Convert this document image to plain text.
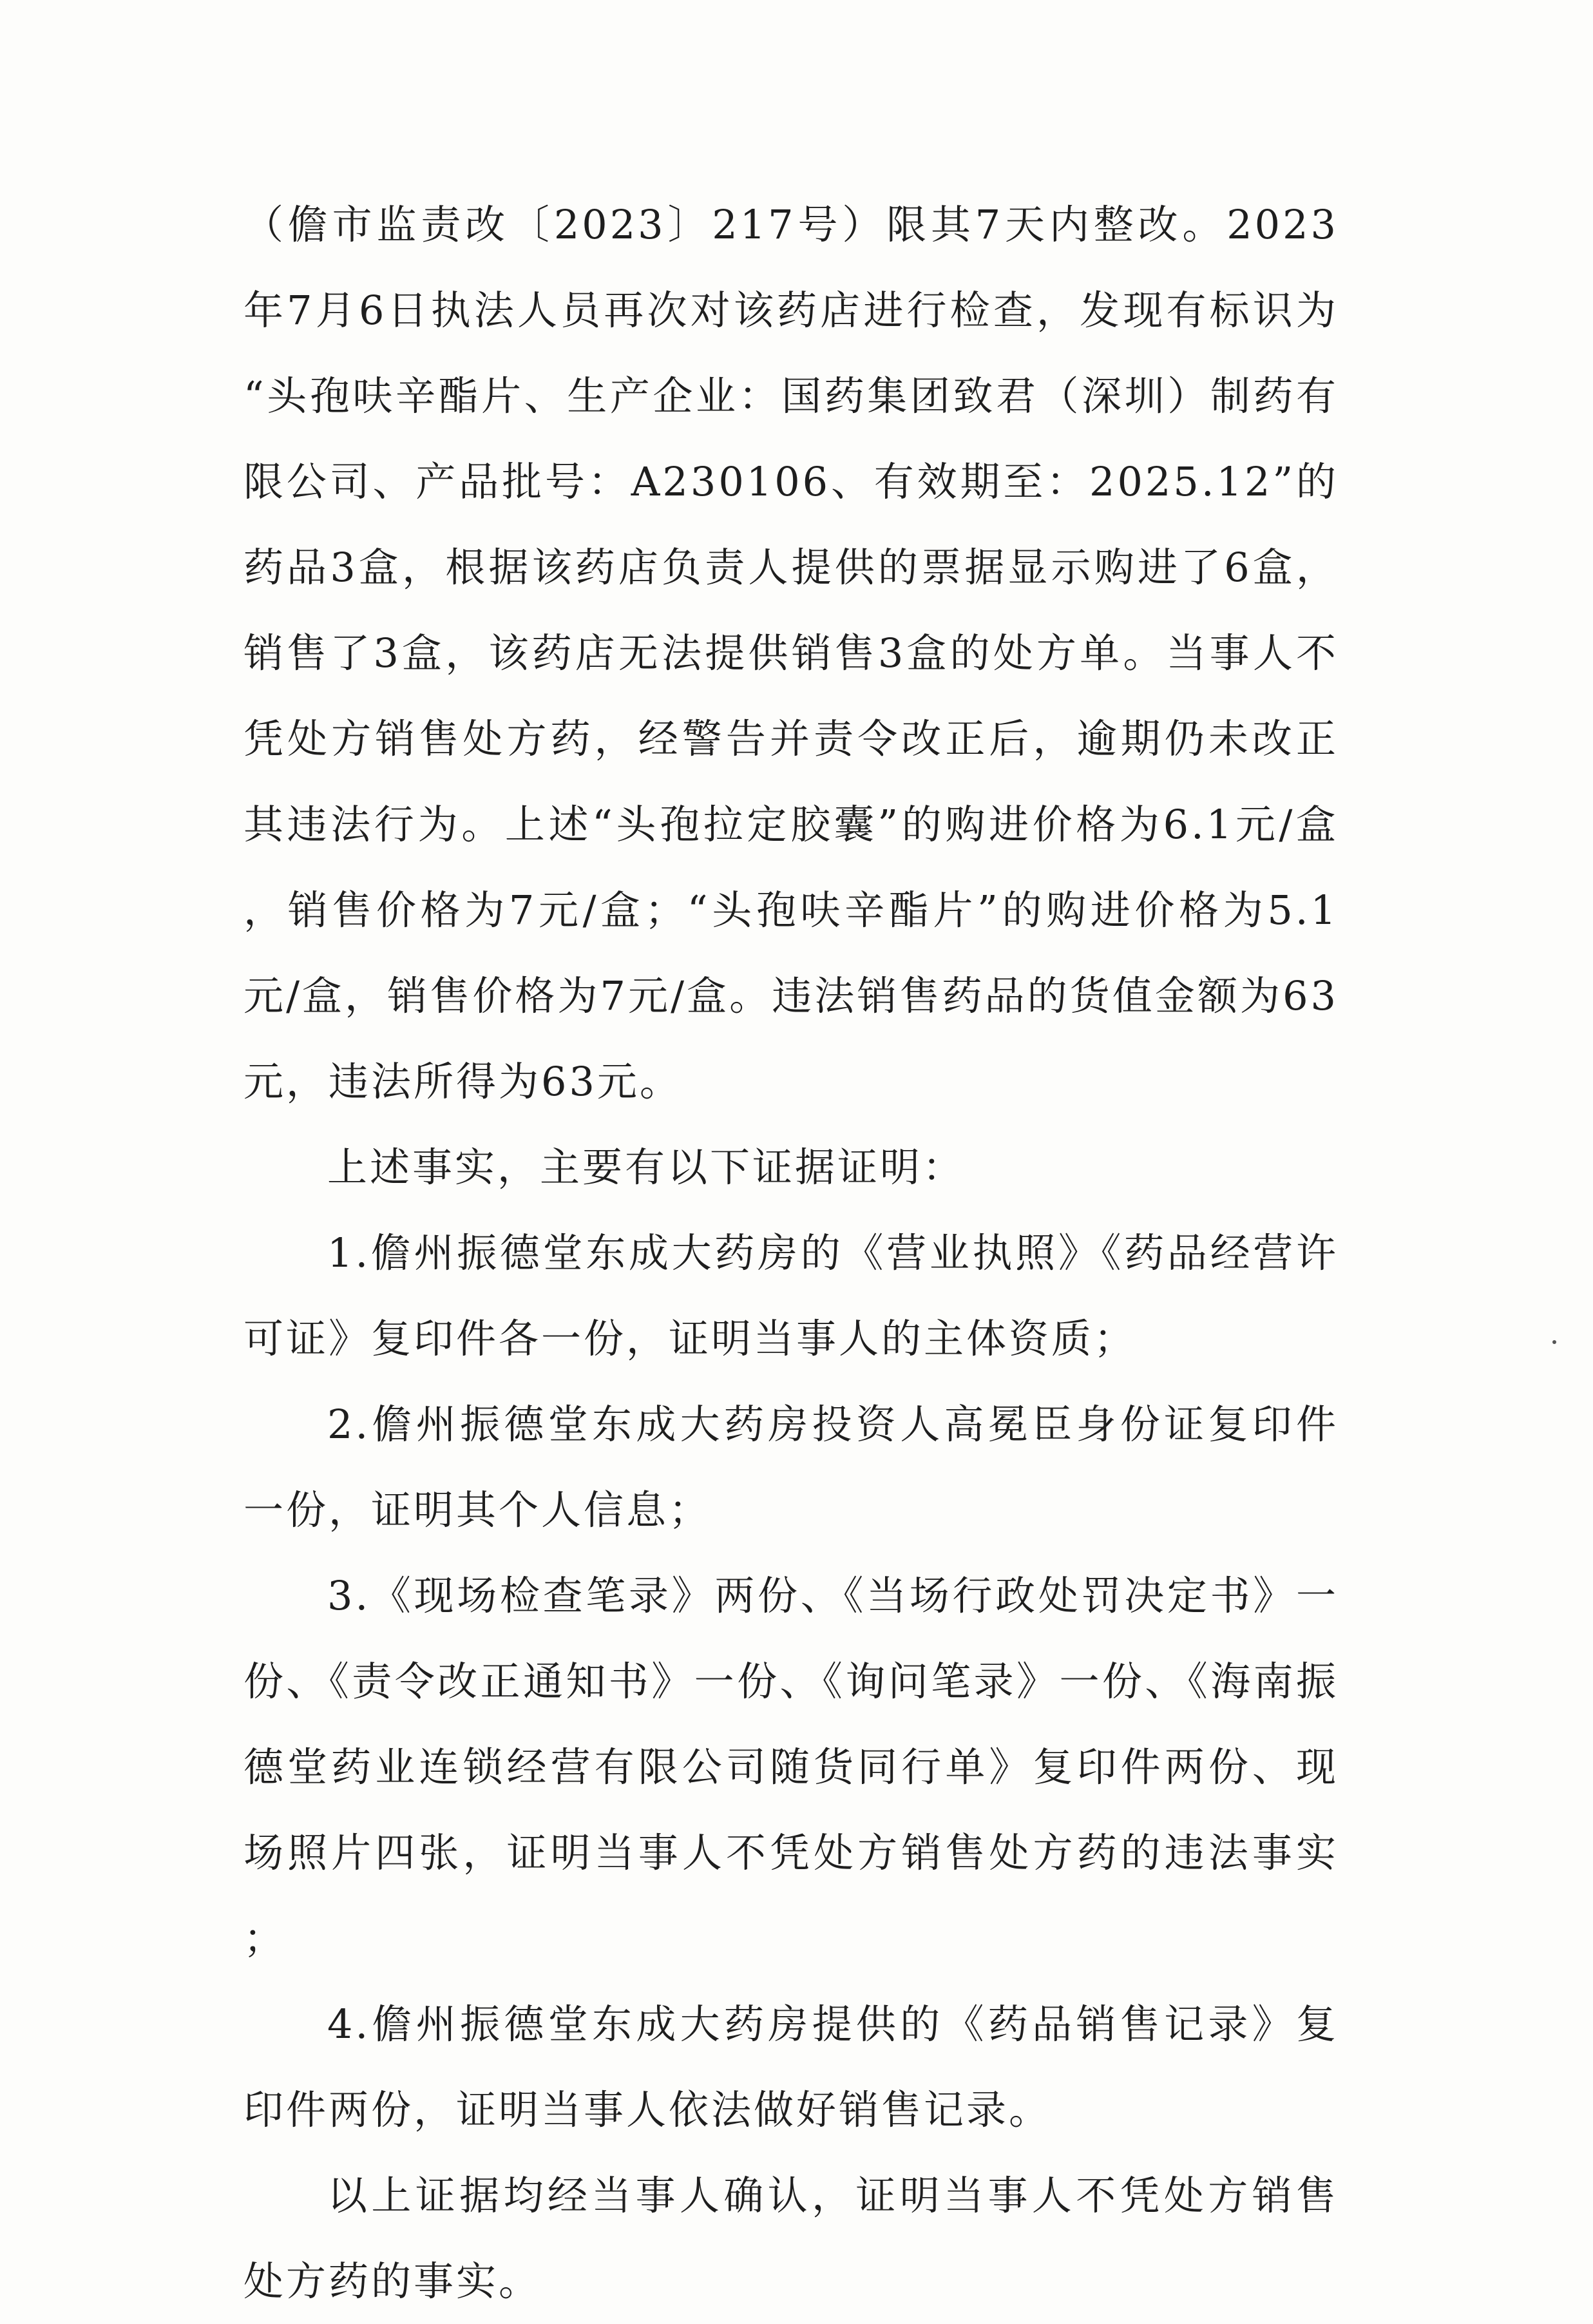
（儋市监责改〔2023〕217号）限其7天内整改。2023年7月6日执法人员再次对该药店进行检查，发现有标识为“头孢呋辛酯片、生产企业：国药集团致君（深圳）制药有限公司、产品批号：A230106、有效期至：2025.12”的药品3盒，根据该药店负责人提供的票据显示购进了6盒，销售了3盒，该药店无法提供销售3盒的处方单。当事人不凭处方销售处方药，经警告并责令改正后，逾期仍未改正其违法行为。上述“头孢拉定胶囊”的购进价格为6.1元/盒，销售价格为7元/盒；“头孢呋辛酯片”的购进价格为5.1元/盒，销售价格为7元/盒。违法销售药品的货值金额为63元，违法所得为63元。

上述事实，主要有以下证据证明：

1.儋州振德堂东成大药房的《营业执照》《药品经营许可证》复印件各一份，证明当事人的主体资质；

2.儋州振德堂东成大药房投资人高冕臣身份证复印件一份，证明其个人信息；

3.《现场检查笔录》两份、《当场行政处罚决定书》一份、《责令改正通知书》一份、《询问笔录》一份、《海南振德堂药业连锁经营有限公司随货同行单》复印件两份、现场照片四张，证明当事人不凭处方销售处方药的违法事实；

4.儋州振德堂东成大药房提供的《药品销售记录》复印件两份，证明当事人依法做好销售记录。

以上证据均经当事人确认，证明当事人不凭处方销售处方药的事实。
